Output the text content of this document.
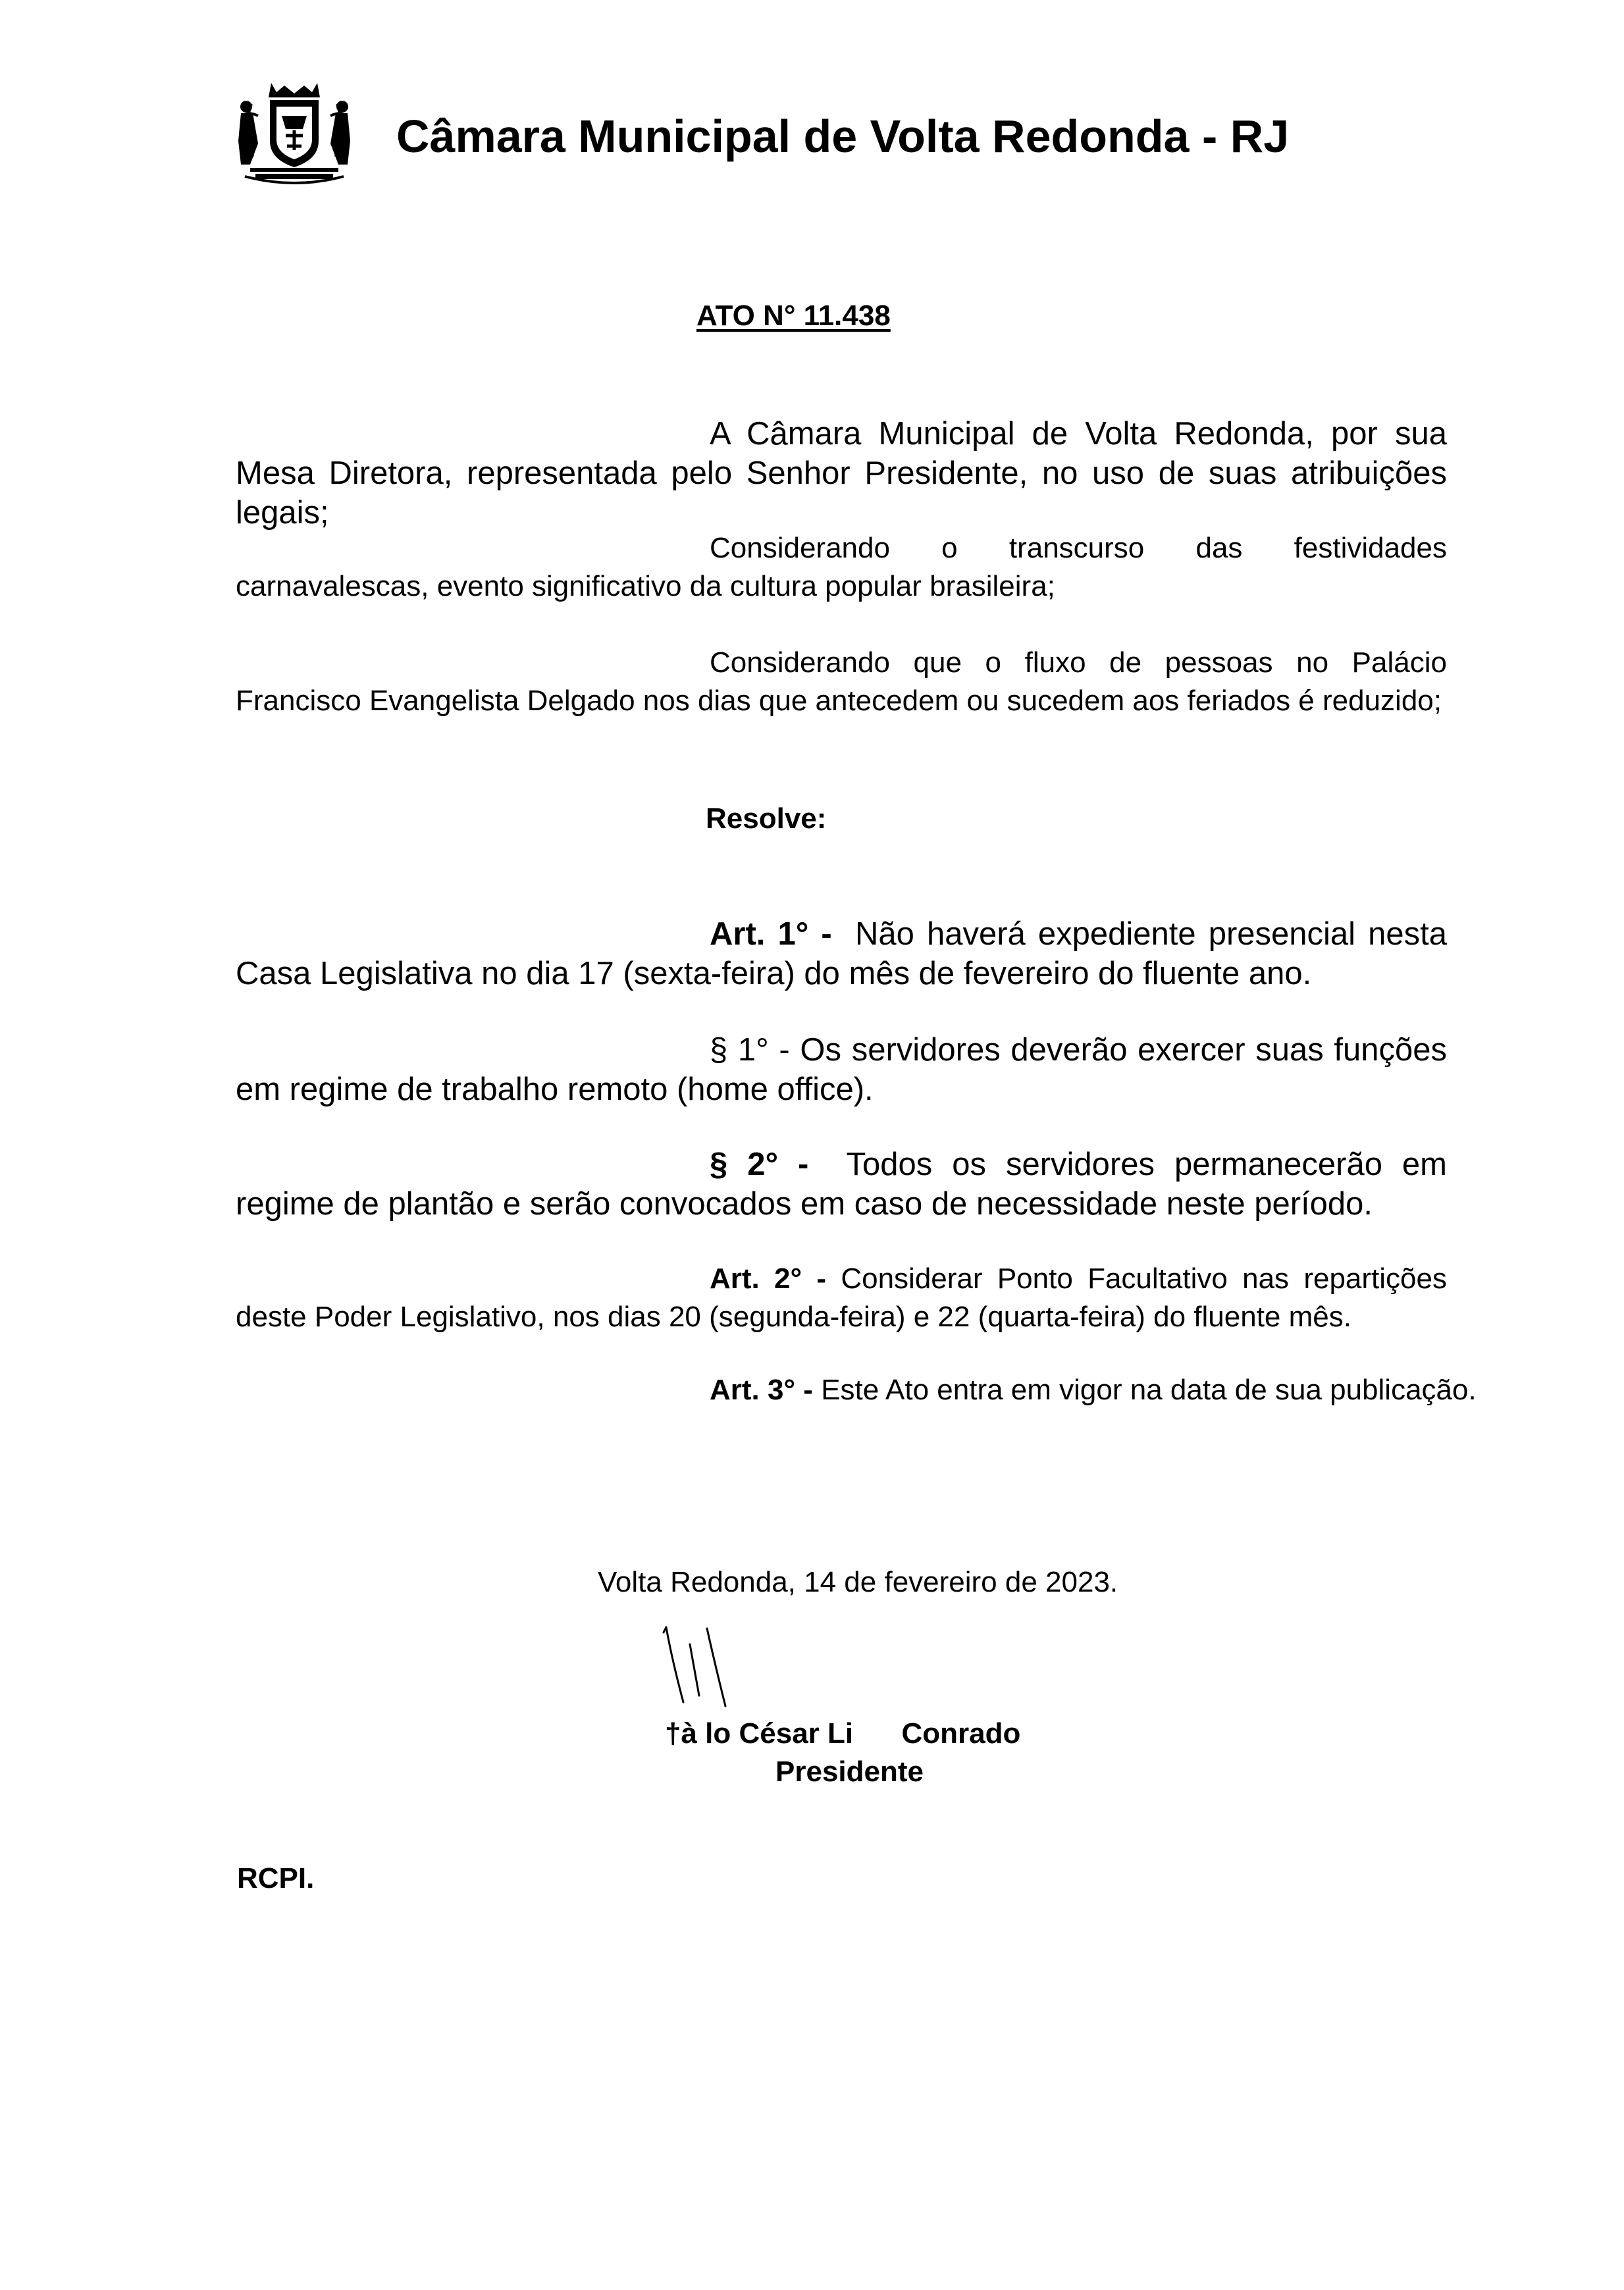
Câmara Municipal de Volta Redonda - RJ
ATO N° 11.438

A Câmara Municipal de Volta Redonda, por sua Mesa Diretora, representada pelo Senhor Presidente, no uso de suas atribuições legais;

Considerando o transcurso das festividades carnavalescas, evento significativo da cultura popular brasileira;

Considerando que o fluxo de pessoas no Palácio Francisco Evangelista Delgado nos dias que antecedem ou sucedem aos feriados é reduzido;

Resolve:

Art. 1° - Não haverá expediente presencial nesta Casa Legislativa no dia 17 (sexta-feira) do mês de fevereiro do fluente ano.

§ 1° - Os servidores deverão exercer suas funções em regime de trabalho remoto (home office).

§ 2° - Todos os servidores permanecerão em regime de plantão e serão convocados em caso de necessidade neste período.

Art. 2° - Considerar Ponto Facultativo nas repartições deste Poder Legislativo, nos dias 20 (segunda-feira) e 22 (quarta-feira) do fluente mês.

Art. 3° - Este Ato entra em vigor na data de sua publicação.
Volta Redonda, 14 de fevereiro de 2023.
†à lo César Li      Conrado
Presidente
RCPI.
